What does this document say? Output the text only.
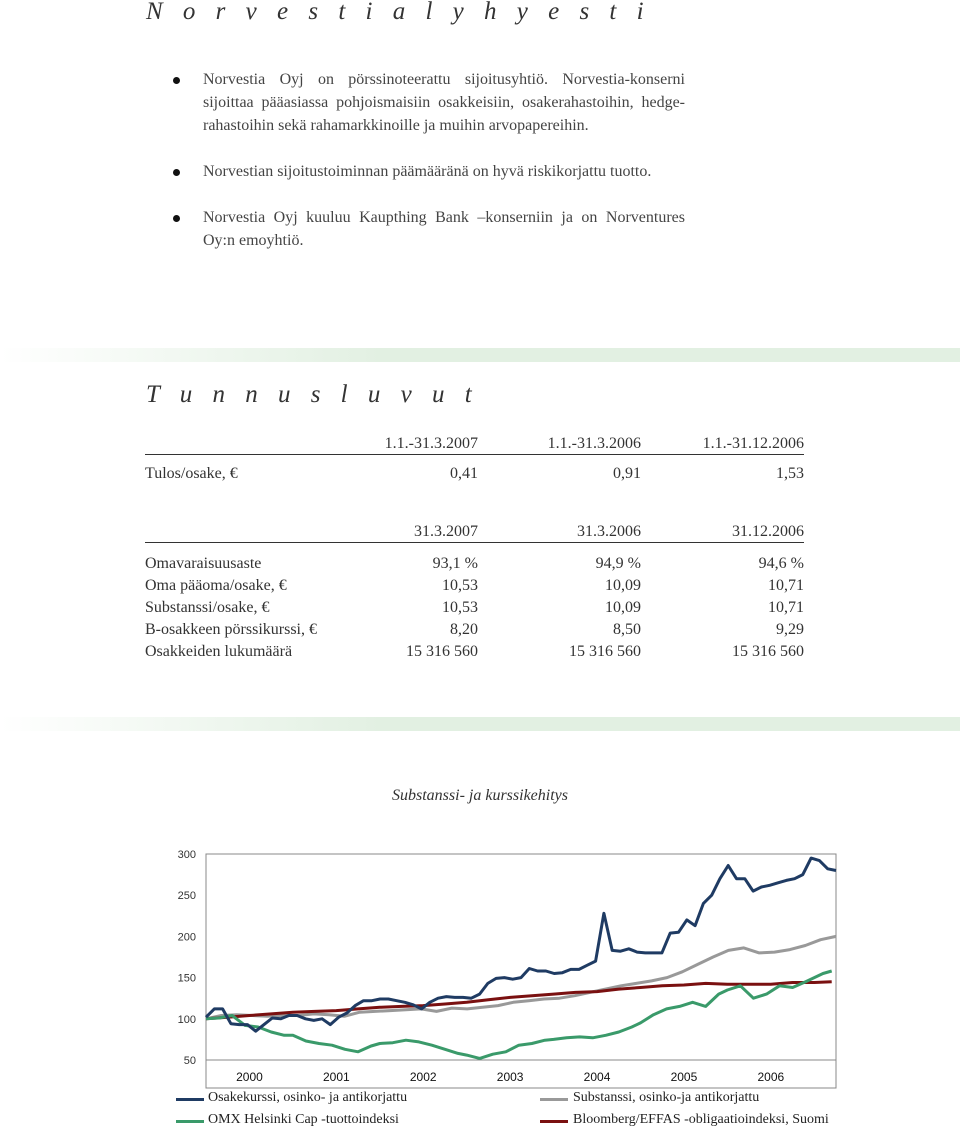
N o r v e s t i a l y h y e s t i
Norvestia Oyj on pörssinoteerattu sijoitusyhtiö. Norvestia-konserni sijoittaa pääasiassa pohjoismaisiin osakkeisiin, osakerahastoihin, hedge-rahastoihin sekä rahamarkkinoille ja muihin arvopapereihin.
Norvestian sijoitustoiminnan päämääränä on hyvä riskikorjattu tuotto.
Norvestia Oyj kuuluu Kaupthing Bank –konserniin ja on Norventures Oy:n emoyhtiö.
T u n n u s l u v u t
	1.1.-31.3.2007	1.1.-31.3.2006	1.1.-31.12.2006
Tulos/osake, €	0,41	0,91	1,53
	31.3.2007	31.3.2006	31.12.2006

Omavaraisuusaste	93,1 %	94,9 %	94,6 %
Oma pääoma/osake, €	10,53	10,09	10,71
Substanssi/osake, €	10,53	10,09	10,71
B-osakkeen pörssikurssi, €	8,20	8,50	9,29
Osakkeiden lukumäärä	15 316 560	15 316 560	15 316 560
Substanssi- ja kurssikehitys
300
250
200
150
100
50
2000	2001	2002	2003	2004	2005	2006
Osakekurssi, osinko- ja antikorjattu	Substanssi, osinko-ja antikorjattu
OMX Helsinki Cap -tuottoindeksi	Bloomberg/EFFAS -obligaatioindeksi, Suomi
